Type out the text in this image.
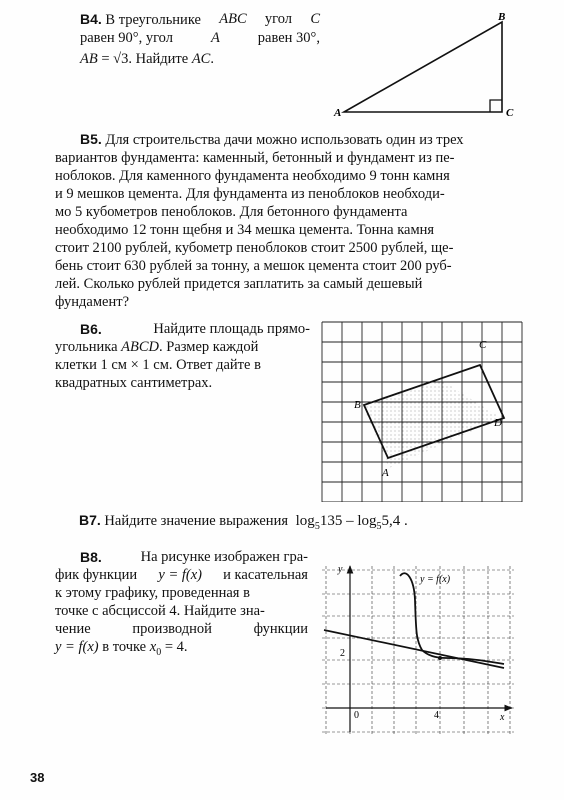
B4. В треугольнике ABC угол C
равен 90°, угол	A	равен 30°,
AB = √3. Найдите AC.
A
B
C
B5. Для строительства дачи можно использовать один из трех
вариантов фундамента: каменный, бетонный и фундамент из пе-
ноблоков. Для каменного фундамента необходимо 9 тонн камня
и 9 мешков цемента. Для фундамента из пеноблоков необходи-
мо 5 кубометров пеноблоков. Для бетонного фундамента
необходимо 12 тонн щебня и 34 мешка цемента. Тонна камня
стоит 2100 рублей, кубометр пеноблоков стоит 2500 рублей, ще-
бень стоит 630 рублей за тонну, а мешок цемента стоит 200 руб-
лей. Сколько рублей придется заплатить за самый дешевый
фундамент?
B6.	Найдите площадь прямо-
угольника ABCD. Размер каждой
клетки 1 см × 1 см. Ответ дайте в
квадратных сантиметрах.
A
B
C
D
B7. Найдите значение выражения $\log_5135 - \log_55,4$ .
B8.	На рисунке изображен гра-
фик функции y = f(x) и касательная
к этому графику, проведенная в
точке с абсциссой 4. Найдите зна-
чение производной функции
y = f(x) в точке $x_0 = 4$.
y
x
0
2
4
y = f(x)
38
